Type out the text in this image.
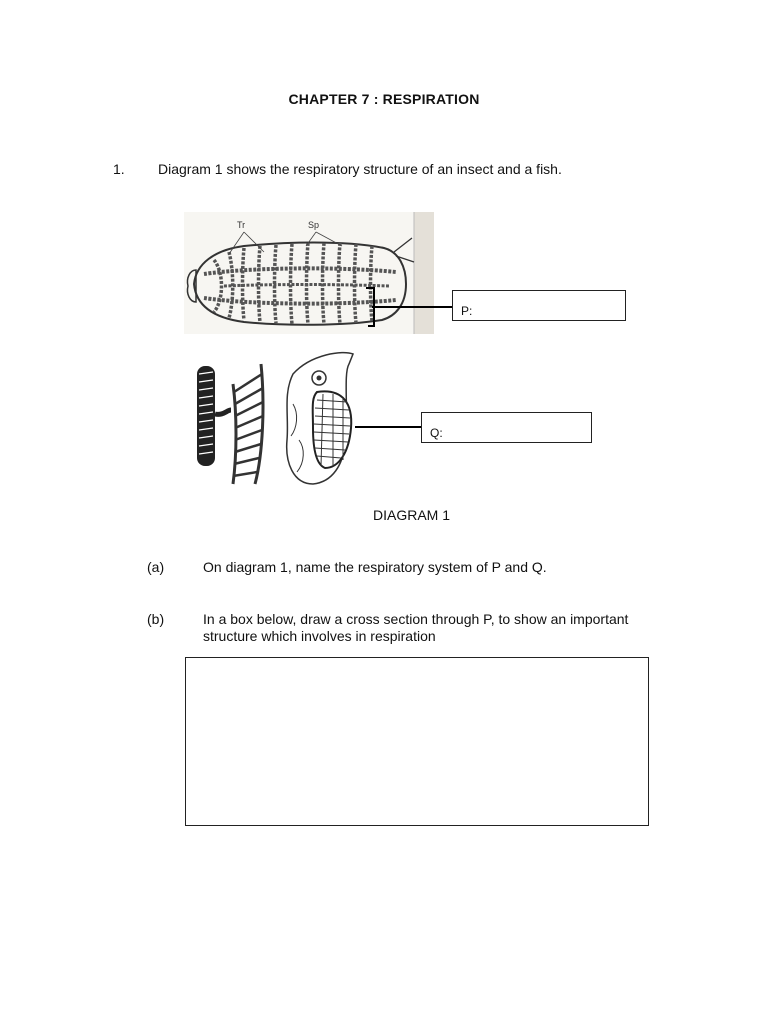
CHAPTER 7 : RESPIRATION
1. Diagram 1 shows the respiratory structure of an insect and a fish.
Tr	Sp
P:
Q:
DIAGRAM 1
(a)	On diagram 1, name the respiratory system of P and Q.
(b)	In a box below, draw a cross section through P, to show an important
structure which involves in respiration
